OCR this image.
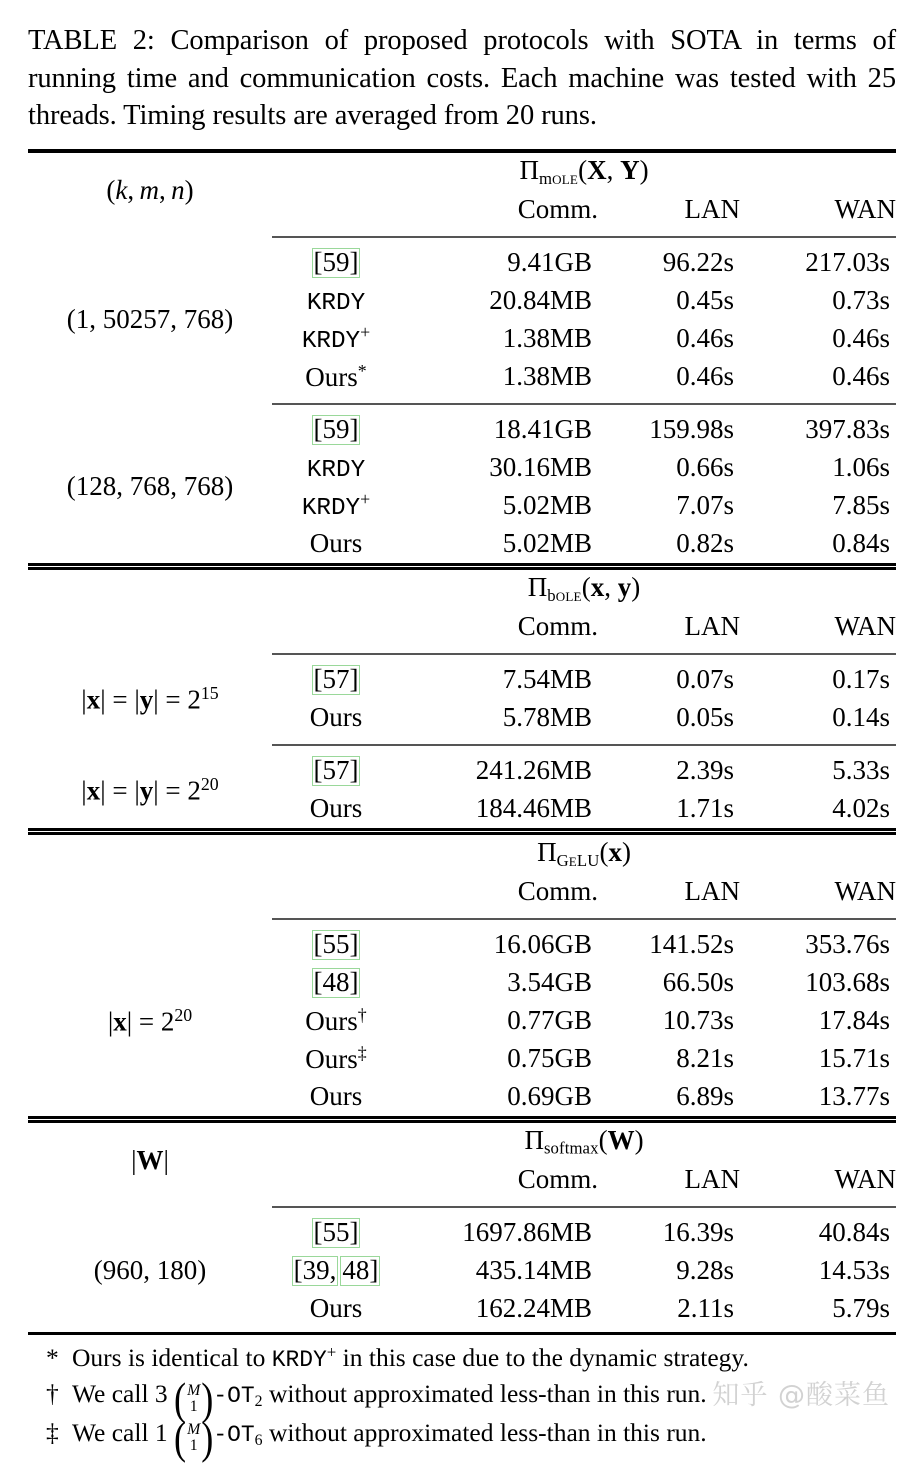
TABLE 2: Comparison of proposed protocols with SOTA in terms of running time and communication costs. Each machine was tested with 25 threads. Timing results are averaged from 20 runs.
(k, m, n)	$\Pi_{mOLE}(X$, Y)			
		Comm.	LAN	WAN

(1, 50257, 768)	[59]	9.41GB	96.22s	217.03s
	KRDY	20.84MB	0.45s	0.73s
	KRDY+	1.38MB	0.46s	0.46s
	Ours*	1.38MB	0.46s	0.46s

(128, 768, 768)	[59]	18.41GB	159.98s	397.83s
	KRDY	30.16MB	0.66s	1.06s
	KRDY+	5.02MB	7.07s	7.85s
	Ours	5.02MB	0.82s	0.84s
	$\Pi_{bOLE}(x$, y)			
		Comm.	LAN	WAN

$|x| = |y| = 2^{15}$	[57]	7.54MB	0.07s	0.17s
	Ours	5.78MB	0.05s	0.14s

$|x| = |y| = 2^{20}$	[57]	241.26MB	2.39s	5.33s
	Ours	184.46MB	1.71s	4.02s
	$\Pi_{GELU}(x)$			
		Comm.	LAN	WAN

$|x| = 2^{20}$	[55]	16.06GB	141.52s	353.76s
	[48]	3.54GB	66.50s	103.68s
	Ours†	0.77GB	10.73s	17.84s
	Ours‡	0.75GB	8.21s	15.71s
	Ours	0.69GB	6.89s	13.77s
|W|	$\Pi_{softmax}(W)$			
		Comm.	LAN	WAN

(960, 180)	[55]	1697.86MB	16.39s	40.84s
	[39, 48]	435.14MB	9.28s	14.53s
	Ours	162.24MB	2.11s	5.79s
* Ours is identical to KRDY+ in this case due to the dynamic strategy.
† We call 3 ( M
1 ) $-OT_2$ without approximated less-than in this run.
‡ We call 1 ( M
1 ) $-OT_6$ without approximated less-than in this run.
知乎 @酸菜鱼
